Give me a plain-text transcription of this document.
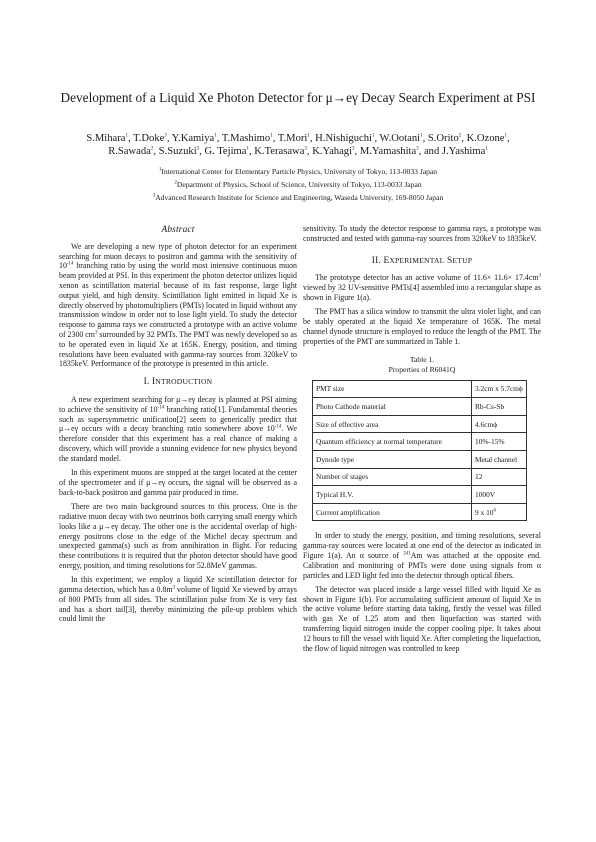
Development of a Liquid Xe Photon Detector for μ→eγ Decay Search Experiment at PSI
S.Mihara$^1$, T.Doke$^3$, Y.Kamiya$^1$, T.Mashimo$^1$, T.Mori$^1$, H.Nishiguchi$^1$, W.Ootani$^1$, S.Orito$^2$, K.Ozone$^1$,
R.Sawada$^2$, S.Suzuki$^3$, G. Tejima$^1$, K.Terasawa$^3$, K.Yahagi$^3$, M.Yamashita$^3$, and J.Yashima$^1$
$^1$International Center for Elementary Particle Physics, University of Tokyo, 113-0033 Japan
$^2$Department of Physics, School of Science, University of Tokyo, 113-0033 Japan
$^3$Advanced Research Institute for Science and Engineering, Waseda University, 169-8050 Japan
Abstract

We are developing a new type of photon detector for an experiment searching for muon decays to positron and gamma with the sensitivity of $10^{-14}$ branching ratio by using the world most intensive continuous muon beam provided at PSI. In this experiment the photon detector utilizes liquid xenon as scintillation material because of its fast response, large light output yield, and high density. Scintillation light emitted in liquid Xe is directly observed by photomultipliers (PMTs) located in liquid without any transmission window in order not to lose light yield. To study the detector response to gamma rays we constructed a prototype with an active volume of 2300 $cm^3$ surrounded by 32 PMTs. The PMT was newly developed so as to be operated even in liquid Xe at 165K. Energy, position, and timing resolutions have been evaluated with gamma-ray sources from 320keV to 1835keV. Performance of the prototype is presented in this article.

I. INTRODUCTION

A new experiment searching for μ→eγ decay is planned at PSI aiming to achieve the sensitivity of $10^{-14}$ branching ratio[1]. Fundamental theories such as supersymmetric unification[2] seem to generically predict that μ→eγ occurs with a decay branching ratio somewhere above $10^{-14}$. We therefore consider that this experiment has a real chance of making a discovery, which will provide a stunning evidence for new physics beyond the standard model.

In this experiment muons are stopped at the target located at the center of the spectrometer and if μ→eγ occurs, the signal will be observed as a back-to-back positron and gamma pair produced in time.

There are two main background sources to this process. One is the radiative muon decay with two neutrinos both carrying small energy which looks like a μ→eγ decay. The other one is the accidental overlap of high-energy positrons close to the edge of the Michel decay spectrum and unexpected gamma(s) such as from annihiration in flight. For reducing these contributions it is required that the photon detector should have good energy, position, and timing resolutions for 52.8MeV gammas.

In this experiment, we employ a liquid Xe scintillation detector for gamma detection, which has a $0.8m^3$ volume of liquid Xe viewed by arrays of 800 PMTs from all sides. The scintillation pulse from Xe is very fast and has a short tail[3], thereby minimizing the pile-up problem which could limit the

sensitivity. To study the detector response to gamma rays, a prototype was constructed and tested with gamma-ray sources from 320keV to 1835keV.

II. EXPERIMENTAL SETUP

The prototype detector has an active volume of $11.6\times 11.6\times 17.4cm^3$ viewed by 32 UV-sensitive PMTs[4] assembled into a rectangular shape as shown in Figure 1(a).

The PMT has a silica window to transmit the ultra violet light, and can be stably operated at the liquid Xe temperature of 165K. The metal channel dynode structure is employed to reduce the length of the PMT. The properties of the PMT are summarized in Table 1.

Table 1.
Properties of R6041Q
PMT size	3.2cm x 5.7cmϕ
Photo Cathode material	Rb-Cs-Sb
Size of effective area	4.6cmϕ
Quantum efficiency at normal temperature	10%-15%
Dynode type	Metal channel
Number of stages	12
Typical H.V.	1000V
Current amplification	9 x $10^6$

In order to study the energy, position, and timing resolutions, several gamma-ray sources were located at one end of the detector as indicated in Figure 1(a). An α source of $^{241}$Am was attached at the opposite end. Calibration and monitoring of PMTs were done using signals from α particles and LED light fed into the detector through optical fibers.

The detector was placed inside a large vessel filled with liquid Xe as shown in Figure 1(b). For accumulating sufficient amount of liquid Xe in the active volume before starting data taking, firstly the vessel was filled with gas Xe of 1.25 atom and then liquefaction was started with transferring liquid nitrogen inside the copper cooling pipe. It takes about 12 hours to fill the vessel with liquid Xe. After completing the liquefaction, the flow of liquid nitrogen was controlled to keep
